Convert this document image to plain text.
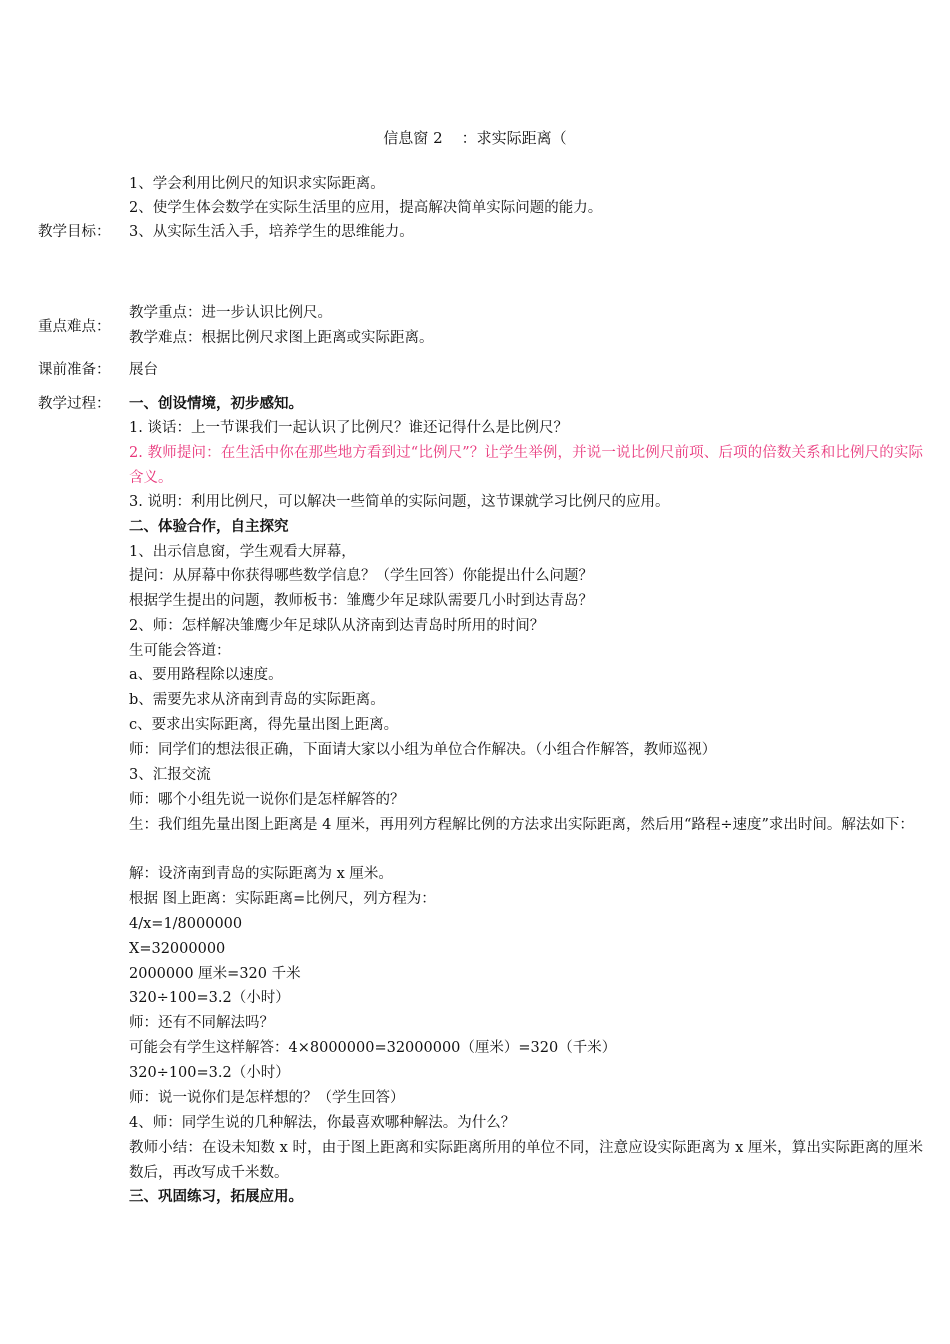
信息窗 2    ：求实际距离（
1、学会利用比例尺的知识求实际距离。
2、使学生体会数学在实际生活里的应用，提高解决简单实际问题的能力。
教学目标： 3、从实际生活入手，培养学生的思维能力。
教学重点：进一步认识比例尺。
重点难点：
教学难点：根据比例尺求图上距离或实际距离。
课前准备： 展台
教学过程： 一、创设情境，初步感知。
1. 谈话：上一节课我们一起认识了比例尺？谁还记得什么是比例尺？
2. 教师提问：在生活中你在那些地方看到过“比例尺”？让学生举例，并说一说比例尺前项、后项的倍数关系和比例尺的实际含义。
3. 说明：利用比例尺，可以解决一些简单的实际问题，这节课就学习比例尺的应用。
二、体验合作，自主探究
1、出示信息窗，学生观看大屏幕，
提问：从屏幕中你获得哪些数学信息？（学生回答）你能提出什么问题？
根据学生提出的问题，教师板书：雏鹰少年足球队需要几小时到达青岛？
2、师：怎样解决雏鹰少年足球队从济南到达青岛时所用的时间？
生可能会答道：
a、要用路程除以速度。
b、需要先求从济南到青岛的实际距离。
c、要求出实际距离，得先量出图上距离。
师：同学们的想法很正确，下面请大家以小组为单位合作解决。（小组合作解答，教师巡视）
3、汇报交流
师：哪个小组先说一说你们是怎样解答的？
生：我们组先量出图上距离是 4 厘米，再用列方程解比例的方法求出实际距离，然后用“路程÷速度”求出时间。解法如下：
解：设济南到青岛的实际距离为 x 厘米。
根据 图上距离：实际距离=比例尺，列方程为：
4/x=1/8000000
X=32000000
2000000 厘米=320 千米
320÷100=3.2（小时）
师：还有不同解法吗？
可能会有学生这样解答：4×8000000=32000000（厘米）=320（千米）
320÷100=3.2（小时）
师：说一说你们是怎样想的？（学生回答）
4、师：同学生说的几种解法，你最喜欢哪种解法。为什么？
教师小结：在设未知数 x 时，由于图上距离和实际距离所用的单位不同，注意应设实际距离为 x 厘米，算出实际距离的厘米数后，再改写成千米数。
三、巩固练习，拓展应用。
